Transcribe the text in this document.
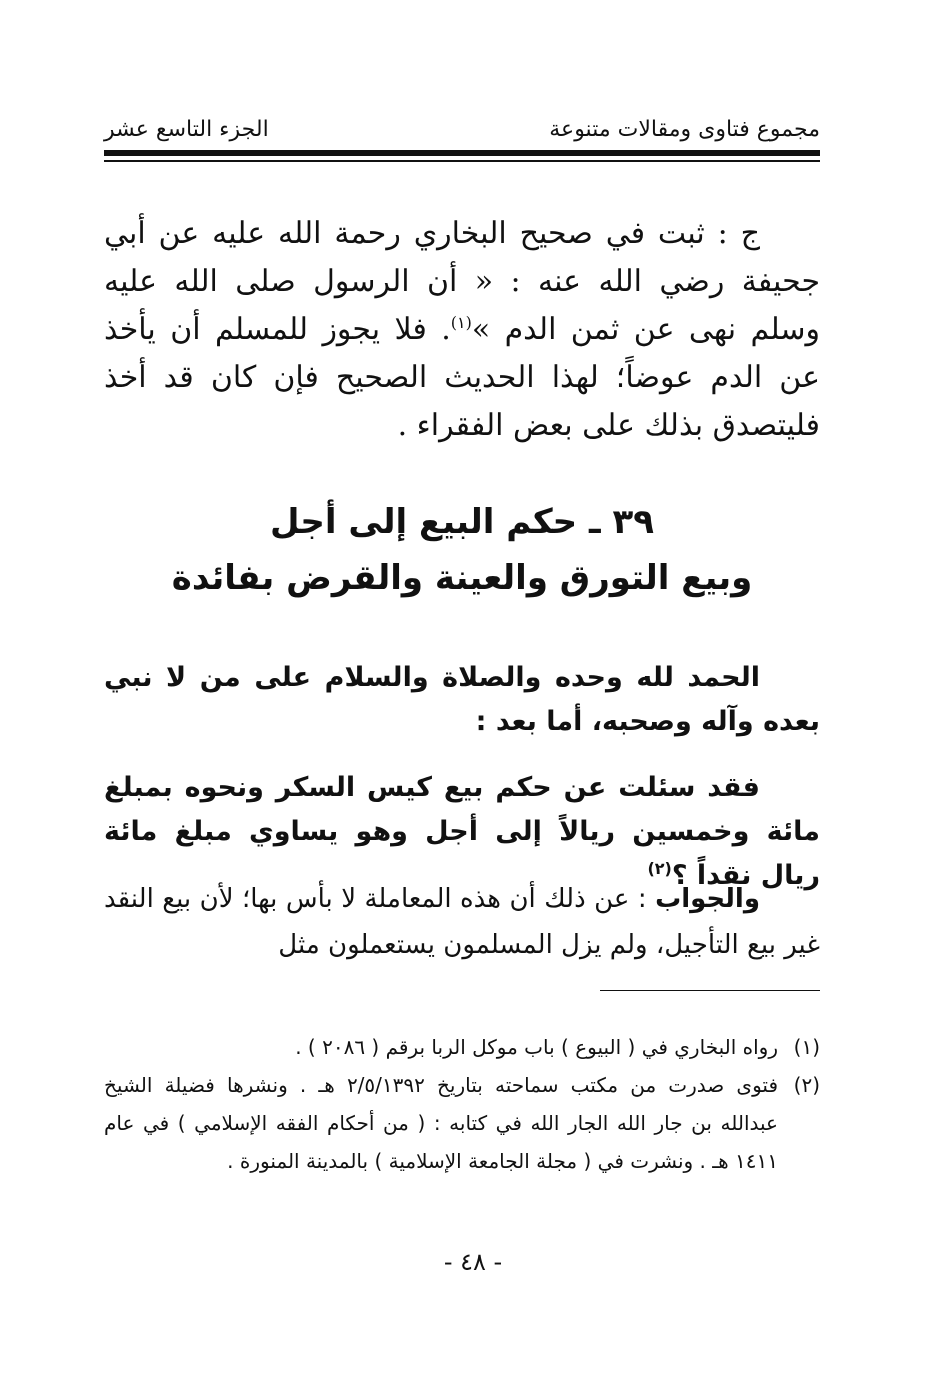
مجموع فتاوى ومقالات متنوعة
الجزء التاسع عشر

ج : ثبت في صحيح البخاري رحمة الله عليه عن أبي جحيفة رضي الله عنه : « أن الرسول صلى الله عليه وسلم نهى عن ثمن الدم »$^{(١)}$. فلا يجوز للمسلم أن يأخذ عن الدم عوضاً؛ لهذا الحديث الصحيح فإن كان قد أخذ فليتصدق بذلك على بعض الفقراء .

٣٩ ـ حكم البيع إلى أجل
وبيع التورق والعينة والقرض بفائدة
الحمد لله وحده والصلاة والسلام على من لا نبي بعده وآله وصحبه، أما بعد :
فقد سئلت عن حكم بيع كيس السكر ونحوه بمبلغ مائة وخمسين ريالاً إلى أجل وهو يساوي مبلغ مائة ريال نقداً ؟$^{(٢)}$
والجواب : عن ذلك أن هذه المعاملة لا بأس بها؛ لأن بيع النقد غير بيع التأجيل، ولم يزل المسلمون يستعملون مثل
(١)
رواه البخاري في ( البيوع ) باب موكل الربا برقم ( ٢٠٨٦ ) .
(٢)
فتوى صدرت من مكتب سماحته بتاريخ ٢/٥/١٣٩٢ هـ . ونشرها فضيلة الشيخ عبدالله بن جار الله الجار الله في كتابه : ( من أحكام الفقه الإسلامي ) في عام ١٤١١ هـ . ونشرت في ( مجلة الجامعة الإسلامية ) بالمدينة المنورة .
- ٤٨ -
